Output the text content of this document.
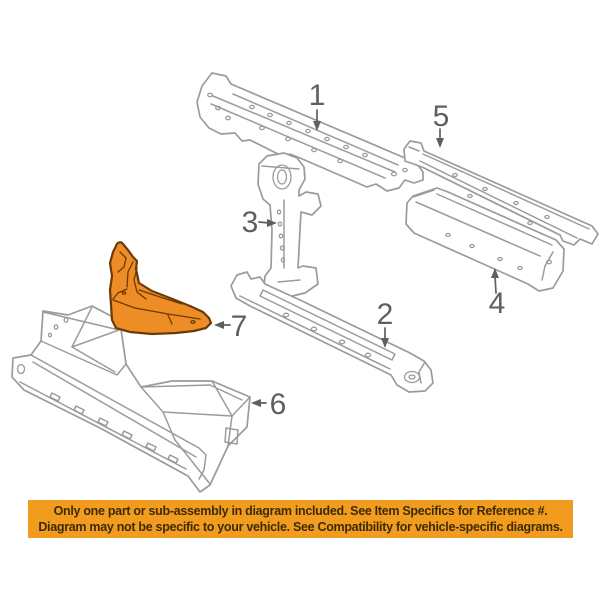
1
2
3
4
5
6
7
Only one part or sub-assembly in diagram included. See Item Specifics for Reference #.
Diagram may not be specific to your vehicle. See Compatibility for vehicle-specific diagrams.
